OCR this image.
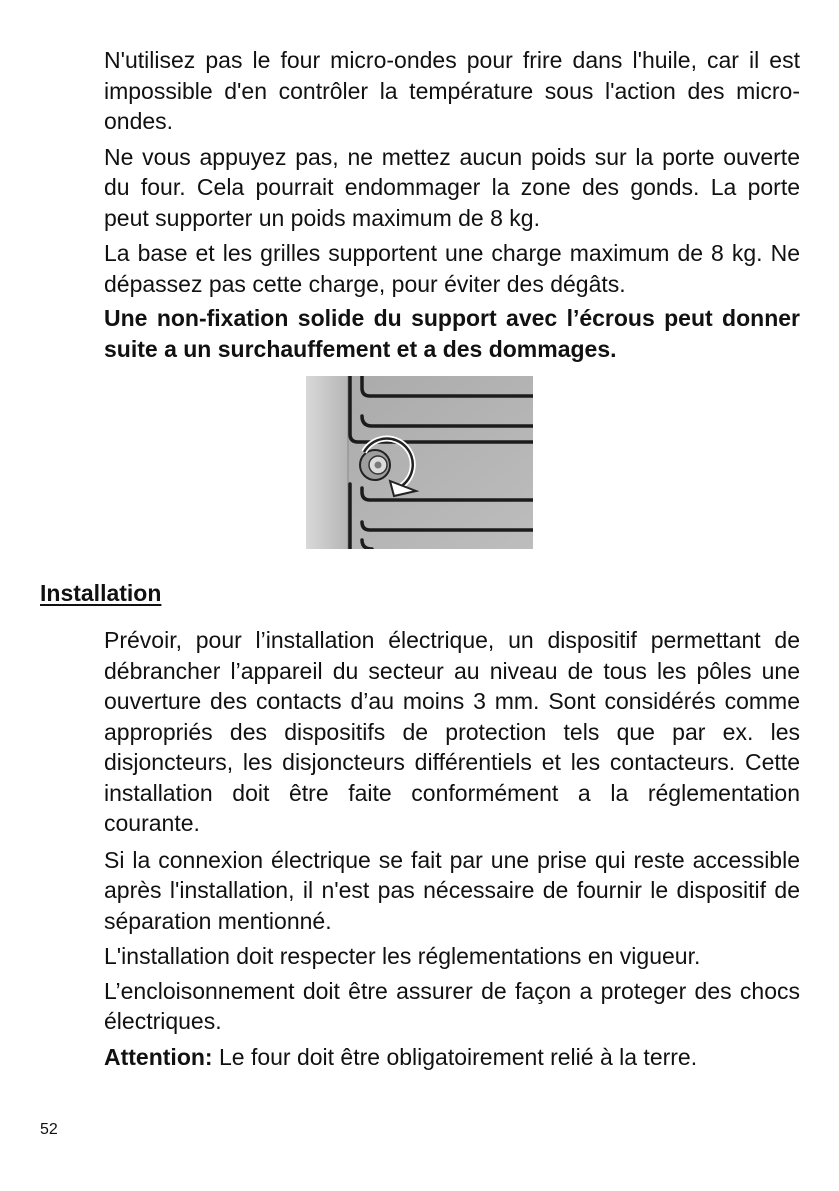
N'utilisez pas le four micro-ondes pour frire dans l'huile, car il est impossible d'en contrôler la température sous l'action des micro-ondes.

Ne vous appuyez pas, ne mettez aucun poids sur la porte ouverte du four. Cela pourrait endommager la zone des gonds. La porte peut supporter un poids maximum de 8 kg.

La base et les grilles supportent une charge maximum de 8 kg. Ne dépassez pas cette charge, pour éviter des dégâts.

Une non-fixation solide du support avec l’écrous peut donner suite a un surchauffement et a des dommages.

Installation

Prévoir, pour l’installation électrique, un dispositif permettant de débrancher l’appareil du secteur au niveau de tous les pôles une ouverture des contacts d’au moins 3 mm. Sont considérés comme appropriés des dispositifs de protection tels que par ex. les disjoncteurs, les disjoncteurs différentiels et les contacteurs. Cette installation doit être faite conformément a la réglementation courante.

Si la connexion électrique se fait par une prise qui reste accessible après l'installation, il n'est pas nécessaire de fournir le dispositif de séparation mentionné.

L'installation doit respecter les réglementations en vigueur.

L’encloisonnement doit être assurer de façon a proteger des chocs électriques.

Attention: Le four doit être obligatoirement relié à la terre.

52
